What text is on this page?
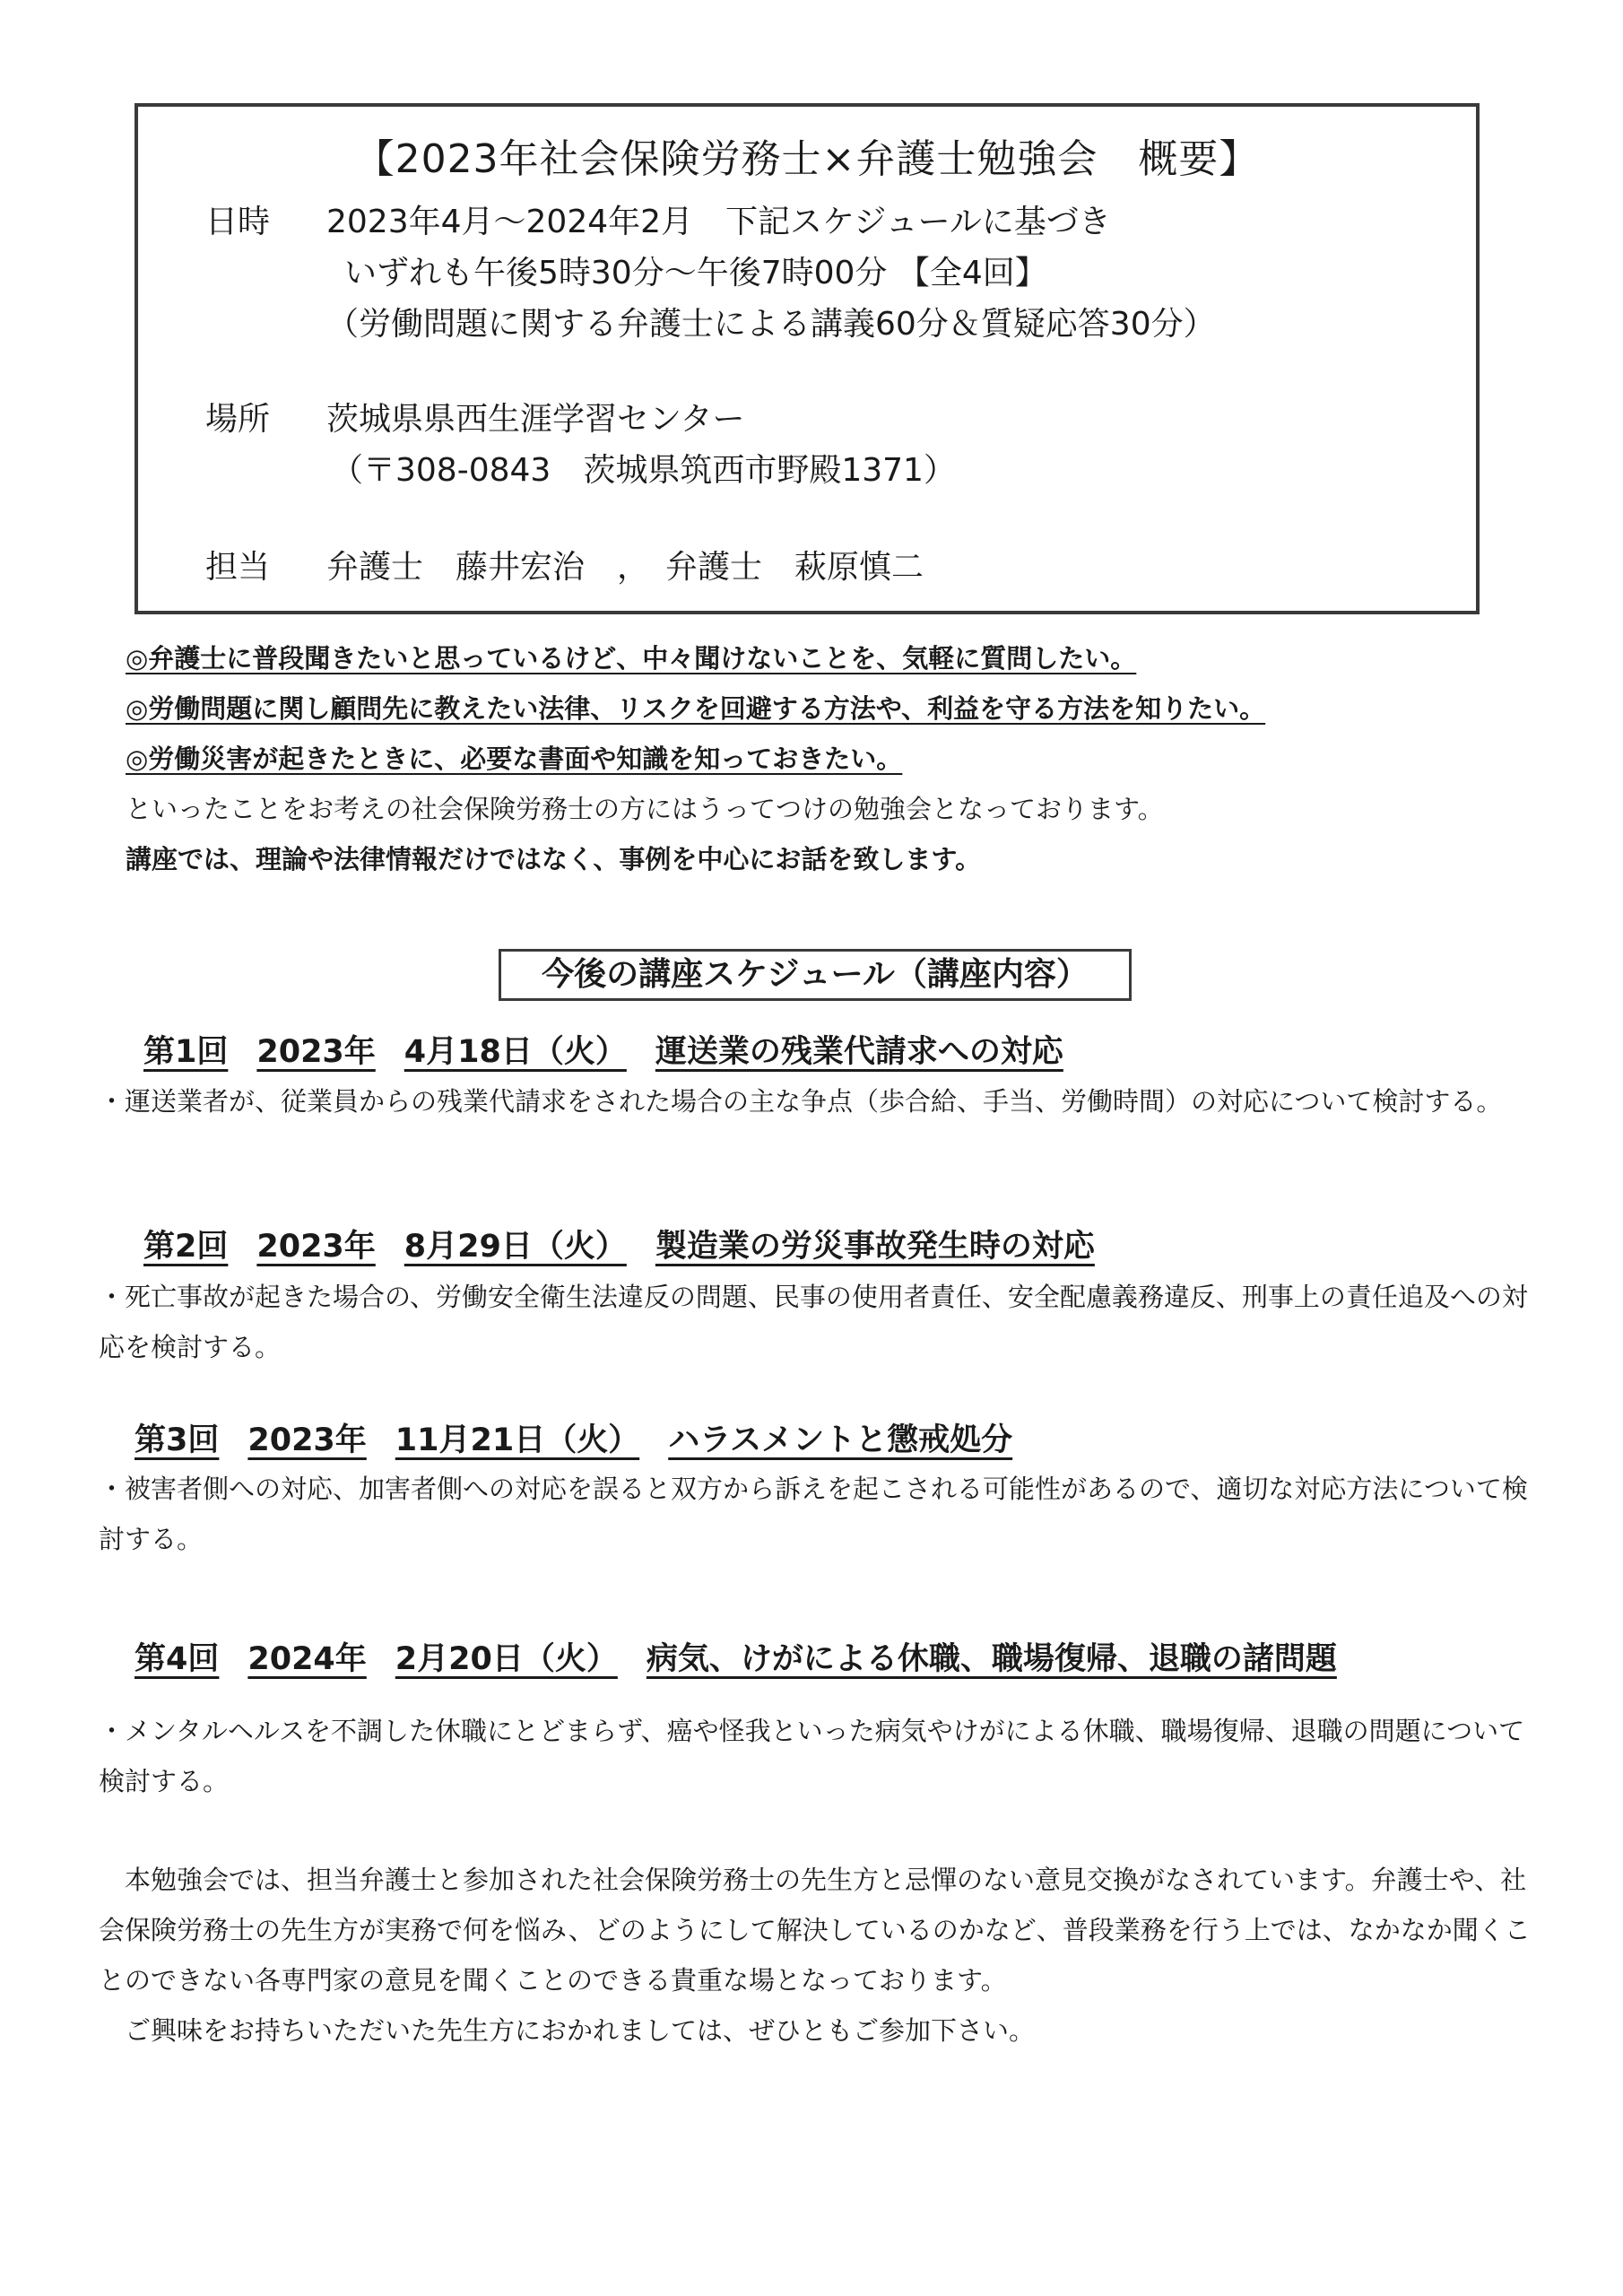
【2023年社会保険労務士×弁護士勉強会　概要】
日時 2023年4月～2024年2月　下記スケジュールに基づき
いずれも午後5時30分～午後7時00分 【全4回】
（労働問題に関する弁護士による講義60分＆質疑応答30分）
場所 茨城県県西生涯学習センター
（〒308-0843　茨城県筑西市野殿1371）
担当 弁護士　藤井宏治　，　弁護士　萩原慎二
◎弁護士に普段聞きたいと思っているけど、中々聞けないことを、気軽に質問したい。
◎労働問題に関し顧問先に教えたい法律、リスクを回避する方法や、利益を守る方法を知りたい。
◎労働災害が起きたときに、必要な書面や知識を知っておきたい。
といったことをお考えの社会保険労務士の方にはうってつけの勉強会となっております。
講座では、理論や法律情報だけではなく、事例を中心にお話を致します。
今後の講座スケジュール（講座内容）
第1回 2023年 4月18日（火） 運送業の残業代請求への対応
・運送業者が、従業員からの残業代請求をされた場合の主な争点（歩合給、手当、労働時間）の対応について検討する。
第2回 2023年 8月29日（火） 製造業の労災事故発生時の対応
・死亡事故が起きた場合の、労働安全衛生法違反の問題、民事の使用者責任、安全配慮義務違反、刑事上の責任追及への対応を検討する。
第3回 2023年 11月21日（火） ハラスメントと懲戒処分
・被害者側への対応、加害者側への対応を誤ると双方から訴えを起こされる可能性があるので、適切な対応方法について検討する。
第4回 2024年 2月20日（火） 病気、けがによる休職、職場復帰、退職の諸問題
・メンタルヘルスを不調した休職にとどまらず、癌や怪我といった病気やけがによる休職、職場復帰、退職の問題について検討する。

　本勉強会では、担当弁護士と参加された社会保険労務士の先生方と忌憚のない意見交換がなされています。弁護士や、社会保険労務士の先生方が実務で何を悩み、どのようにして解決しているのかなど、普段業務を行う上では、なかなか聞くことのできない各専門家の意見を聞くことのできる貴重な場となっております。

　ご興味をお持ちいただいた先生方におかれましては、ぜひともご参加下さい。
